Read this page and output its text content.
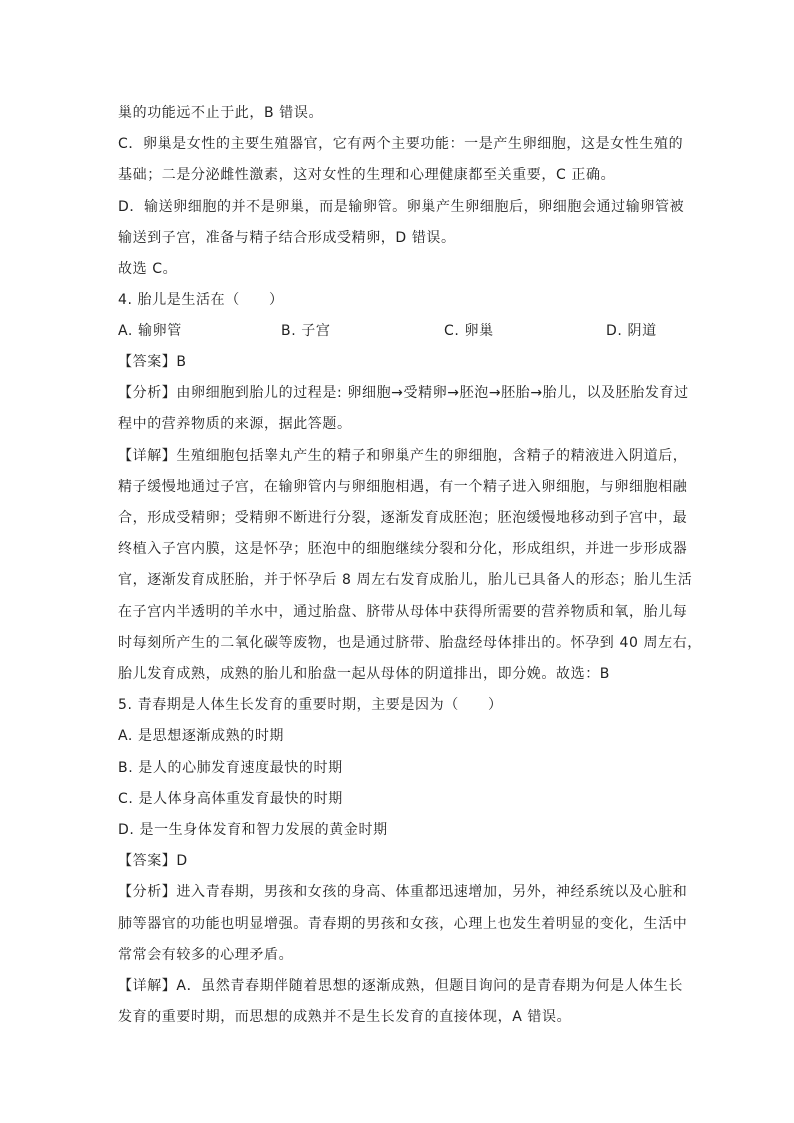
巢的功能远不止于此，B 错误。
C．卵巢是女性的主要生殖器官，它有两个主要功能：一是产生卵细胞，这是女性生殖的
基础；二是分泌雌性激素，这对女性的生理和心理健康都至关重要，C 正确。
D．输送卵细胞的并不是卵巢，而是输卵管。卵巢产生卵细胞后，卵细胞会通过输卵管被
输送到子宫，准备与精子结合形成受精卵，D 错误。
故选 C。
4. 胎儿是生活在（　　）
A. 输卵管	B. 子宫	C. 卵巢	D. 阴道
【答案】B
【分析】由卵细胞到胎儿的过程是: 卵细胞→受精卵→胚泡→胚胎→胎儿，以及胚胎发育过
程中的营养物质的来源，据此答题。
【详解】生殖细胞包括睾丸产生的精子和卵巢产生的卵细胞，含精子的精液进入阴道后，
精子缓慢地通过子宫，在输卵管内与卵细胞相遇，有一个精子进入卵细胞，与卵细胞相融
合，形成受精卵；受精卵不断进行分裂，逐渐发育成胚泡；胚泡缓慢地移动到子宫中，最
终植入子宫内膜，这是怀孕；胚泡中的细胞继续分裂和分化，形成组织，并进一步形成器
官，逐渐发育成胚胎，并于怀孕后 8 周左右发育成胎儿，胎儿已具备人的形态；胎儿生活
在子宫内半透明的羊水中，通过胎盘、脐带从母体中获得所需要的营养物质和氧，胎儿每
时每刻所产生的二氧化碳等废物，也是通过脐带、胎盘经母体排出的。怀孕到 40 周左右，
胎儿发育成熟，成熟的胎儿和胎盘一起从母体的阴道排出，即分娩。故选：B
5. 青春期是人体生长发育的重要时期，主要是因为（　　）
A. 是思想逐渐成熟的时期
B. 是人的心肺发育速度最快的时期
C. 是人体身高体重发育最快的时期
D. 是一生身体发育和智力发展的黄金时期
【答案】D
【分析】进入青春期，男孩和女孩的身高、体重都迅速增加，另外，神经系统以及心脏和
肺等器官的功能也明显增强。青春期的男孩和女孩，心理上也发生着明显的变化，生活中
常常会有较多的心理矛盾。
【详解】A．虽然青春期伴随着思想的逐渐成熟，但题目询问的是青春期为何是人体生长
发育的重要时期，而思想的成熟并不是生长发育的直接体现，A 错误。
